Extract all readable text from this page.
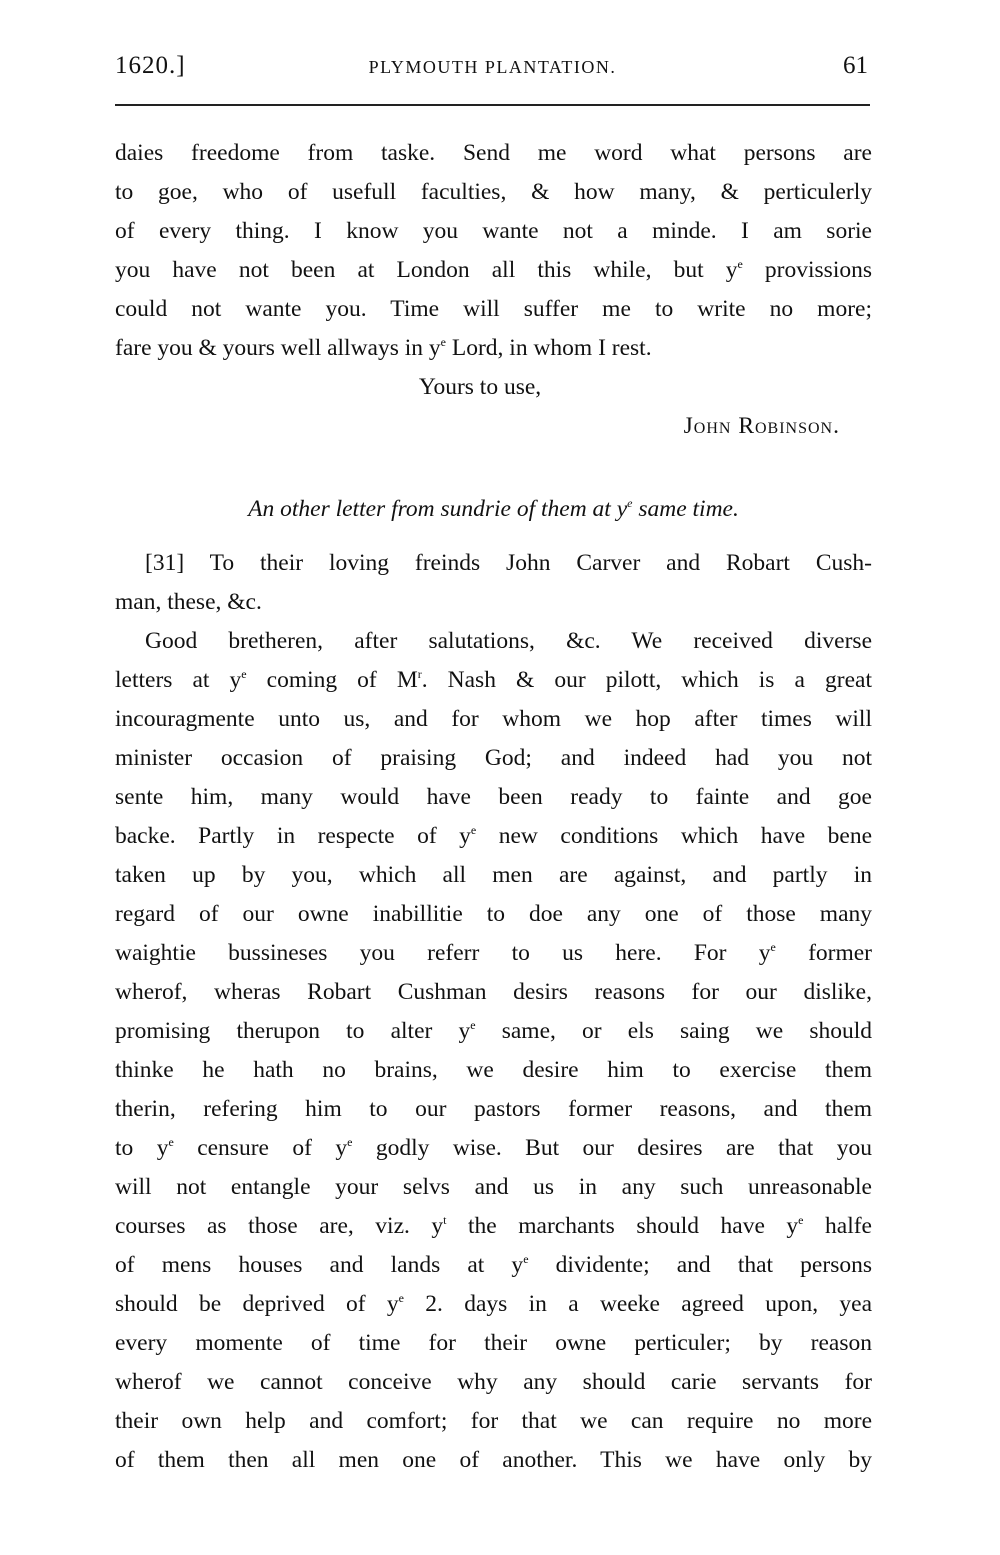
1620.]	PLYMOUTH PLANTATION.	61
daies freedome from taske. Send me word what persons are
to goe, who of usefull faculties, & how many, & perticulerly
of every thing. I know you wante not a minde. I am sorie
you have not been at London all this while, but $y^e$ provissions
could not wante you. Time will suffer me to write no more;
fare you & yours well allways in $y^e$ Lord, in whom I rest.
Yours to use,
John Robinson.
An other letter from sundrie of them at $y^e$ same time.
[31] To their loving freinds John Carver and Robart Cush-
man, these, &c.
Good bretheren, after salutations, &c. We received diverse
letters at $y^e$ coming of $M^r$. Nash & our pilott, which is a great
incouragmente unto us, and for whom we hop after times will
minister occasion of praising God; and indeed had you not
sente him, many would have been ready to fainte and goe
backe. Partly in respecte of $y^e$ new conditions which have bene
taken up by you, which all men are against, and partly in
regard of our owne inabillitie to doe any one of those many
waightie bussineses you referr to us here. For $y^e$ former
wherof, wheras Robart Cushman desirs reasons for our dislike,
promising therupon to alter $y^e$ same, or els saing we should
thinke he hath no brains, we desire him to exercise them
therin, refering him to our pastors former reasons, and them
to $y^e$ censure of $y^e$ godly wise. But our desires are that you
will not entangle your selvs and us in any such unreasonable
courses as those are, viz. $y^t$ the marchants should have $y^e$ halfe
of mens houses and lands at $y^e$ dividente; and that persons
should be deprived of $y^e$ 2. days in a weeke agreed upon, yea
every momente of time for their owne perticuler; by reason
wherof we cannot conceive why any should carie servants for
their own help and comfort; for that we can require no more
of them then all men one of another. This we have only by
